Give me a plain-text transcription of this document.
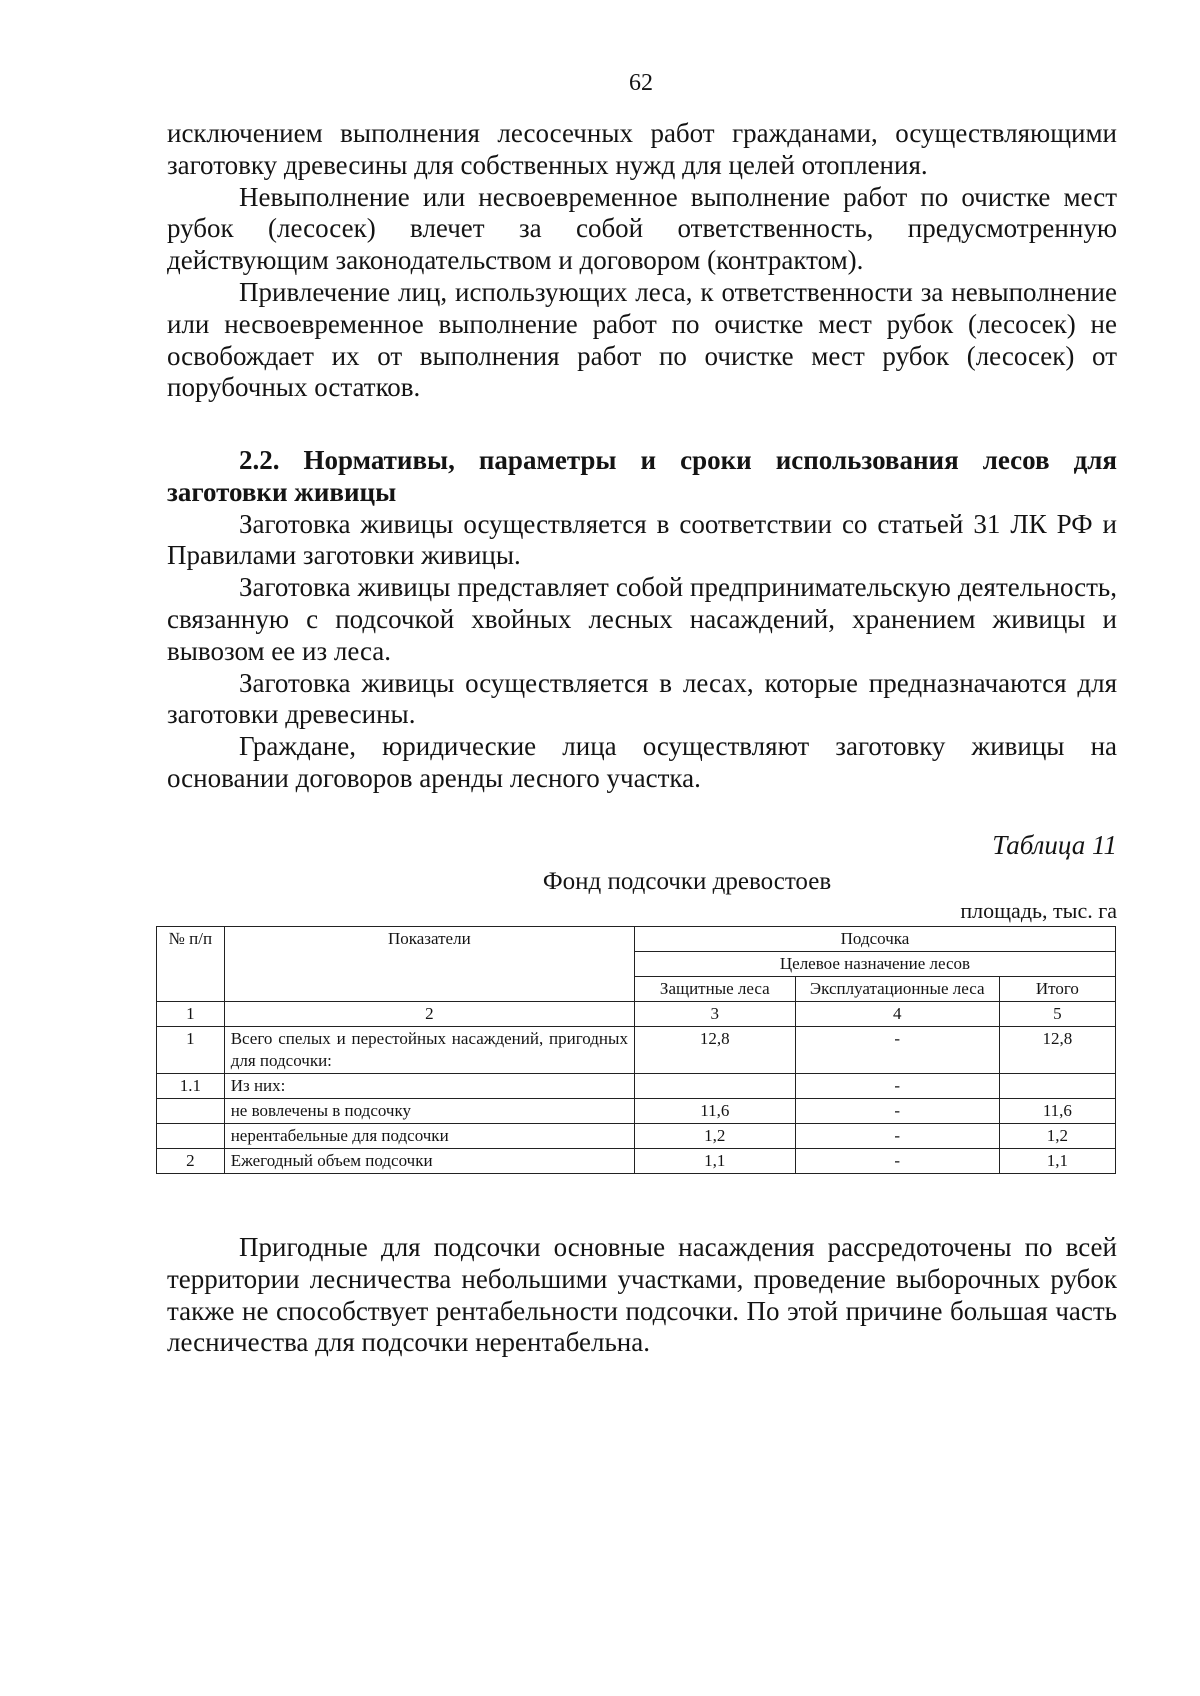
62

исключением выполнения лесосечных работ гражданами, осуществляющими заготовку древесины для собственных нужд для целей отопления.

Невыполнение или несвоевременное выполнение работ по очистке мест рубок (лесосек) влечет за собой ответственность, предусмотренную действующим законодательством и договором (контрактом).

Привлечение лиц, использующих леса, к ответственности за невыполнение или несвоевременное выполнение работ по очистке мест рубок (лесосек) не освобождает их от выполнения работ по очистке мест рубок (лесосек) от порубочных остатков.

2.2. Нормативы, параметры и сроки использования лесов для заготовки живицы

Заготовка живицы осуществляется в соответствии со статьей 31 ЛК РФ и Правилами заготовки живицы.

Заготовка живицы представляет собой предпринимательскую деятельность, связанную с подсочкой хвойных лесных насаждений, хранением живицы и вывозом ее из леса.

Заготовка живицы осуществляется в лесах, которые предназначаются для заготовки древесины.

Граждане, юридические лица осуществляют заготовку живицы на основании договоров аренды лесного участка.

Таблица 11
Фонд подсочки древостоев
площадь, тыс. га
№ п/п	Показатели	Подсочка		
		Целевое назначение лесов		
		Защитные леса	Эксплуатационные леса	Итого
1	2	3	4	5
1	Всего спелых и перестойных насаждений, пригодных для подсочки:	12,8	-	12,8
1.1	Из них:		-	
	не вовлечены в подсочку	11,6	-	11,6
	нерентабельные для подсочки	1,2	-	1,2
2	Ежегодный объем подсочки	1,1	-	1,1

Пригодные для подсочки основные насаждения рассредоточены по всей территории лесничества небольшими участками, проведение выборочных рубок также не способствует рентабельности подсочки. По этой причине большая часть лесничества для подсочки нерентабельна.
